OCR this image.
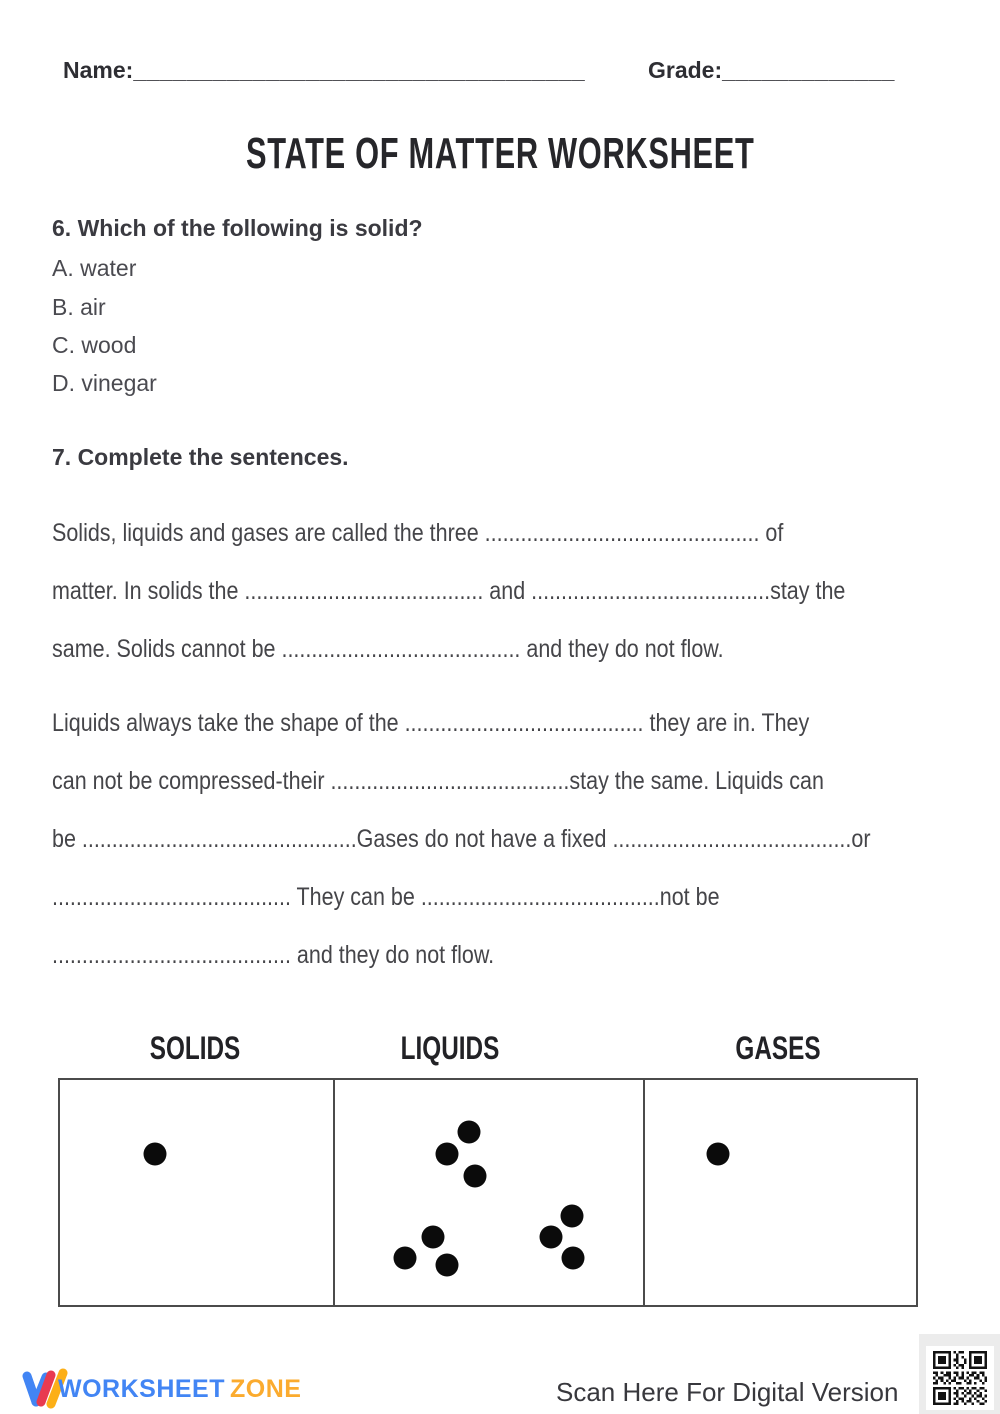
Name:__________________________________	Grade:_____________
STATE OF MATTER WORKSHEET
6. Which of the following is solid?
A. water
B. air
C. wood
D. vinegar
7. Complete the sentences.
Solids, liquids and gases are called the three .............................................. of
matter. In solids the ........................................ and ........................................stay the
same. Solids cannot be ........................................ and they do not flow.
Liquids always take the shape of the ........................................ they are in. They
can not be compressed-their ........................................stay the same. Liquids can
be ..............................................Gases do not have a fixed ........................................or
........................................ They can be ........................................not be
........................................ and they do not flow.
SOLIDS	LIQUIDS	GASES
WORKSHEET ZONE	Scan Here For Digital Version
